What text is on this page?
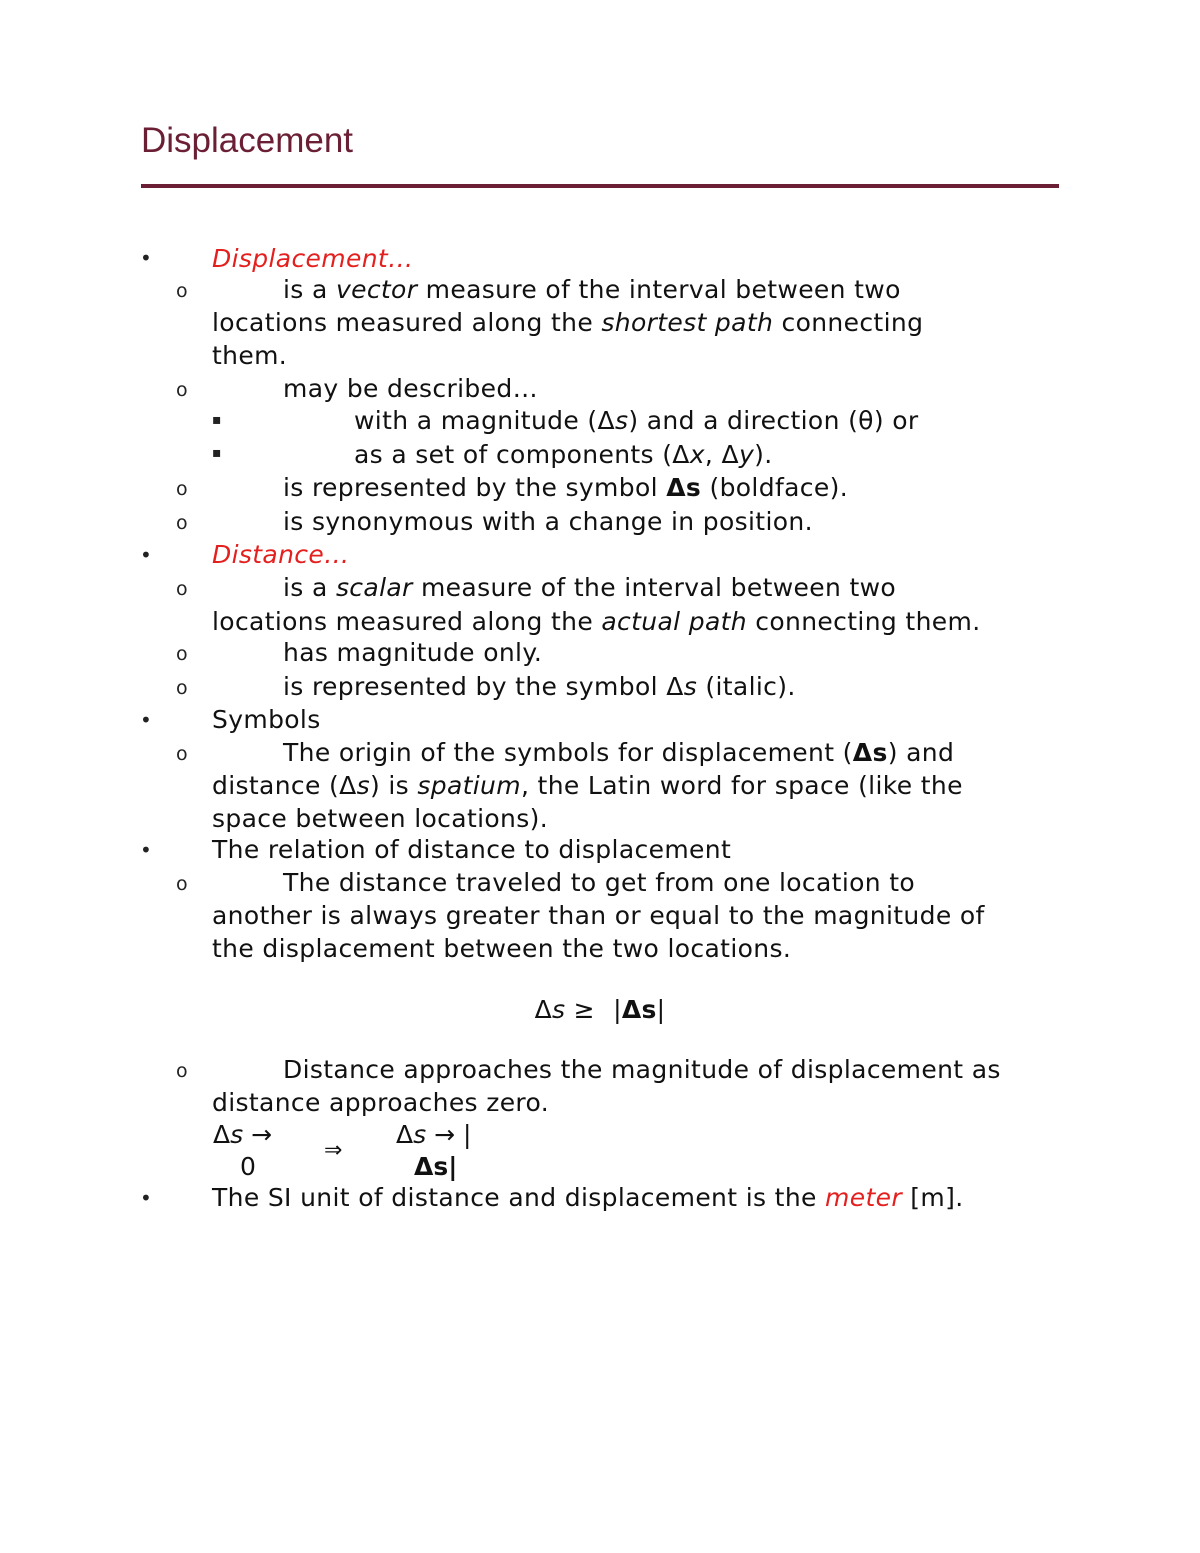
Displacement
• Displacement…
o	is a vector measure of the interval between two
locations measured along the shortest path connecting
them.
o	may be described…
▪	with a magnitude (Δs) and a direction (θ) or
▪	as a set of components (Δx, Δy).
o	is represented by the symbol Δs (boldface).
o	is synonymous with a change in position.
• Distance…
o	is a scalar measure of the interval between two
locations measured along the actual path connecting them.
o	has magnitude only.
o	is represented by the symbol Δs (italic).
• Symbols
o	The origin of the symbols for displacement (Δs) and
distance (Δs) is spatium, the Latin word for space (like the
space between locations).
• The relation of distance to displacement
o	The distance traveled to get from one location to
another is always greater than or equal to the magnitude of
the displacement between the two locations.
Δs ≥ |Δs|
o	Distance approaches the magnitude of displacement as
distance approaches zero.
Δs →
0
⇒
Δs → |
Δs|
• The SI unit of distance and displacement is the meter [m].
